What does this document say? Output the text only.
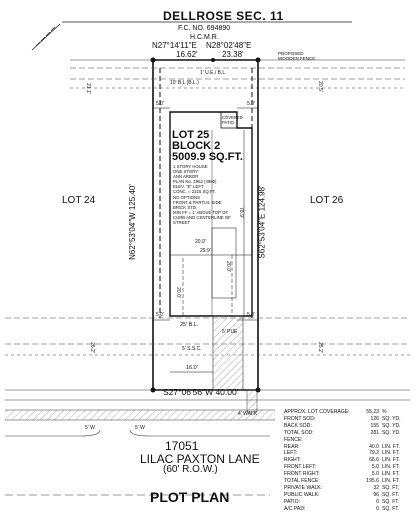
DELLROSE SEC. 11
F.C. NO. 694890
H.C.M.R.
N27°14'11"E N28°02'48"E
16.62'	23.38'	PROPOSED WOODEN FENCE
1' U.E./ B.L.
10' B.L (B.L.)
21.1'	20.5'
5.0'	5.0'
5.0'	5.0'
COVERED PATIO
LOT 25
BLOCK 2
5009.9 SQ.FT.
1 STORY HOUSE
ONE STORY
ANN ARBOR
PLAN No. 4962 (4980)
ELEV. "E" LEFT
CONC. = 2216 SQ.FT.
NO OPTIONS
FRONT & PARTIAL SIDE
BRICK STD.
MIN FF = 1' ABOVE TOP OF
CURB AND CENTERLINE OF
STREET
N62°53'04"W 125.40'	S62°53'04"E 124.98'
LOT 24	LOT 26
29.9'
20.0'
20.0'
78.9'
20.0'
25' B.L.
5' PUE
5' S.S.C.
26.2'	25.2'
16.0'
S27°06'56"W 40.00'
4' WALK
5' W	5' W
17051
LILAC PAXTON LANE
(60' R.O.W.)
PLOT PLAN
APPROX. LOT COVERAGE:	55.23 %
FRONT SOD:	126 SQ. YD.
BACK SOD:	155 SQ. YD.
TOTAL SOD:	281 SQ. YD.
FENCE:
REAR:	40.0 LIN. FT.
LEFT:	79.2 LIN. FT.
RIGHT:	66.6 LIN. FT.
FRONT LEFT:	5.0 LIN. FT.
FRONT RIGHT:	5.0 LIN. FT.
TOTAL FENCE:	195.6 LIN. FT.
PRIVATE WALK:	32 SQ. FT.
PUBLIC WALK:	96 SQ. FT.
PATIO:	0 SQ. FT.
A/C PAD:	0 SQ. FT.
